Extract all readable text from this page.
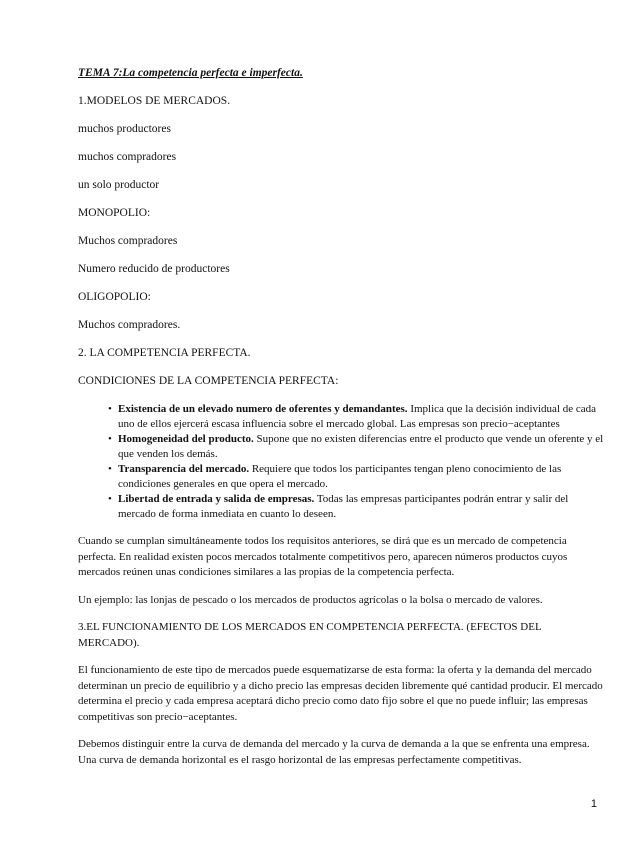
TEMA 7:La competencia perfecta e imperfecta.

1.MODELOS DE MERCADOS.

muchos productores

muchos compradores

un solo productor

MONOPOLIO:

Muchos compradores

Numero reducido de productores

OLIGOPOLIO:

Muchos compradores.

2. LA COMPETENCIA PERFECTA.

CONDICIONES DE LA COMPETENCIA PERFECTA:

• Existencia de un elevado numero de oferentes y demandantes. Implica que la decisión individual de cada uno de ellos ejercerá escasa influencia sobre el mercado global. Las empresas son precio−aceptantes
• Homogeneidad del producto. Supone que no existen diferencias entre el producto que vende un oferente y el que venden los demás.
• Transparencia del mercado. Requiere que todos los participantes tengan pleno conocimiento de las condiciones generales en que opera el mercado.
• Libertad de entrada y salida de empresas. Todas las empresas participantes podrán entrar y salir del mercado de forma inmediata en cuanto lo deseen.

Cuando se cumplan simultáneamente todos los requisitos anteriores, se dirá que es un mercado de competencia perfecta. En realidad existen pocos mercados totalmente competitivos pero, aparecen números productos cuyos mercados reúnen unas condiciones similares a las propias de la competencia perfecta.

Un ejemplo: las lonjas de pescado o los mercados de productos agrícolas o la bolsa o mercado de valores.

3.EL FUNCIONAMIENTO DE LOS MERCADOS EN COMPETENCIA PERFECTA. (EFECTOS DEL MERCADO).

El funcionamiento de este tipo de mercados puede esquematizarse de esta forma: la oferta y la demanda del mercado determinan un precio de equilibrio y a dicho precio las empresas deciden libremente qué cantidad producir. El mercado determina el precio y cada empresa aceptará dicho precio como dato fijo sobre el que no puede influir; las empresas competitivas son precio−aceptantes.

Debemos distinguir entre la curva de demanda del mercado y la curva de demanda a la que se enfrenta una empresa. Una curva de demanda horizontal es el rasgo horizontal de las empresas perfectamente competitivas.

1
